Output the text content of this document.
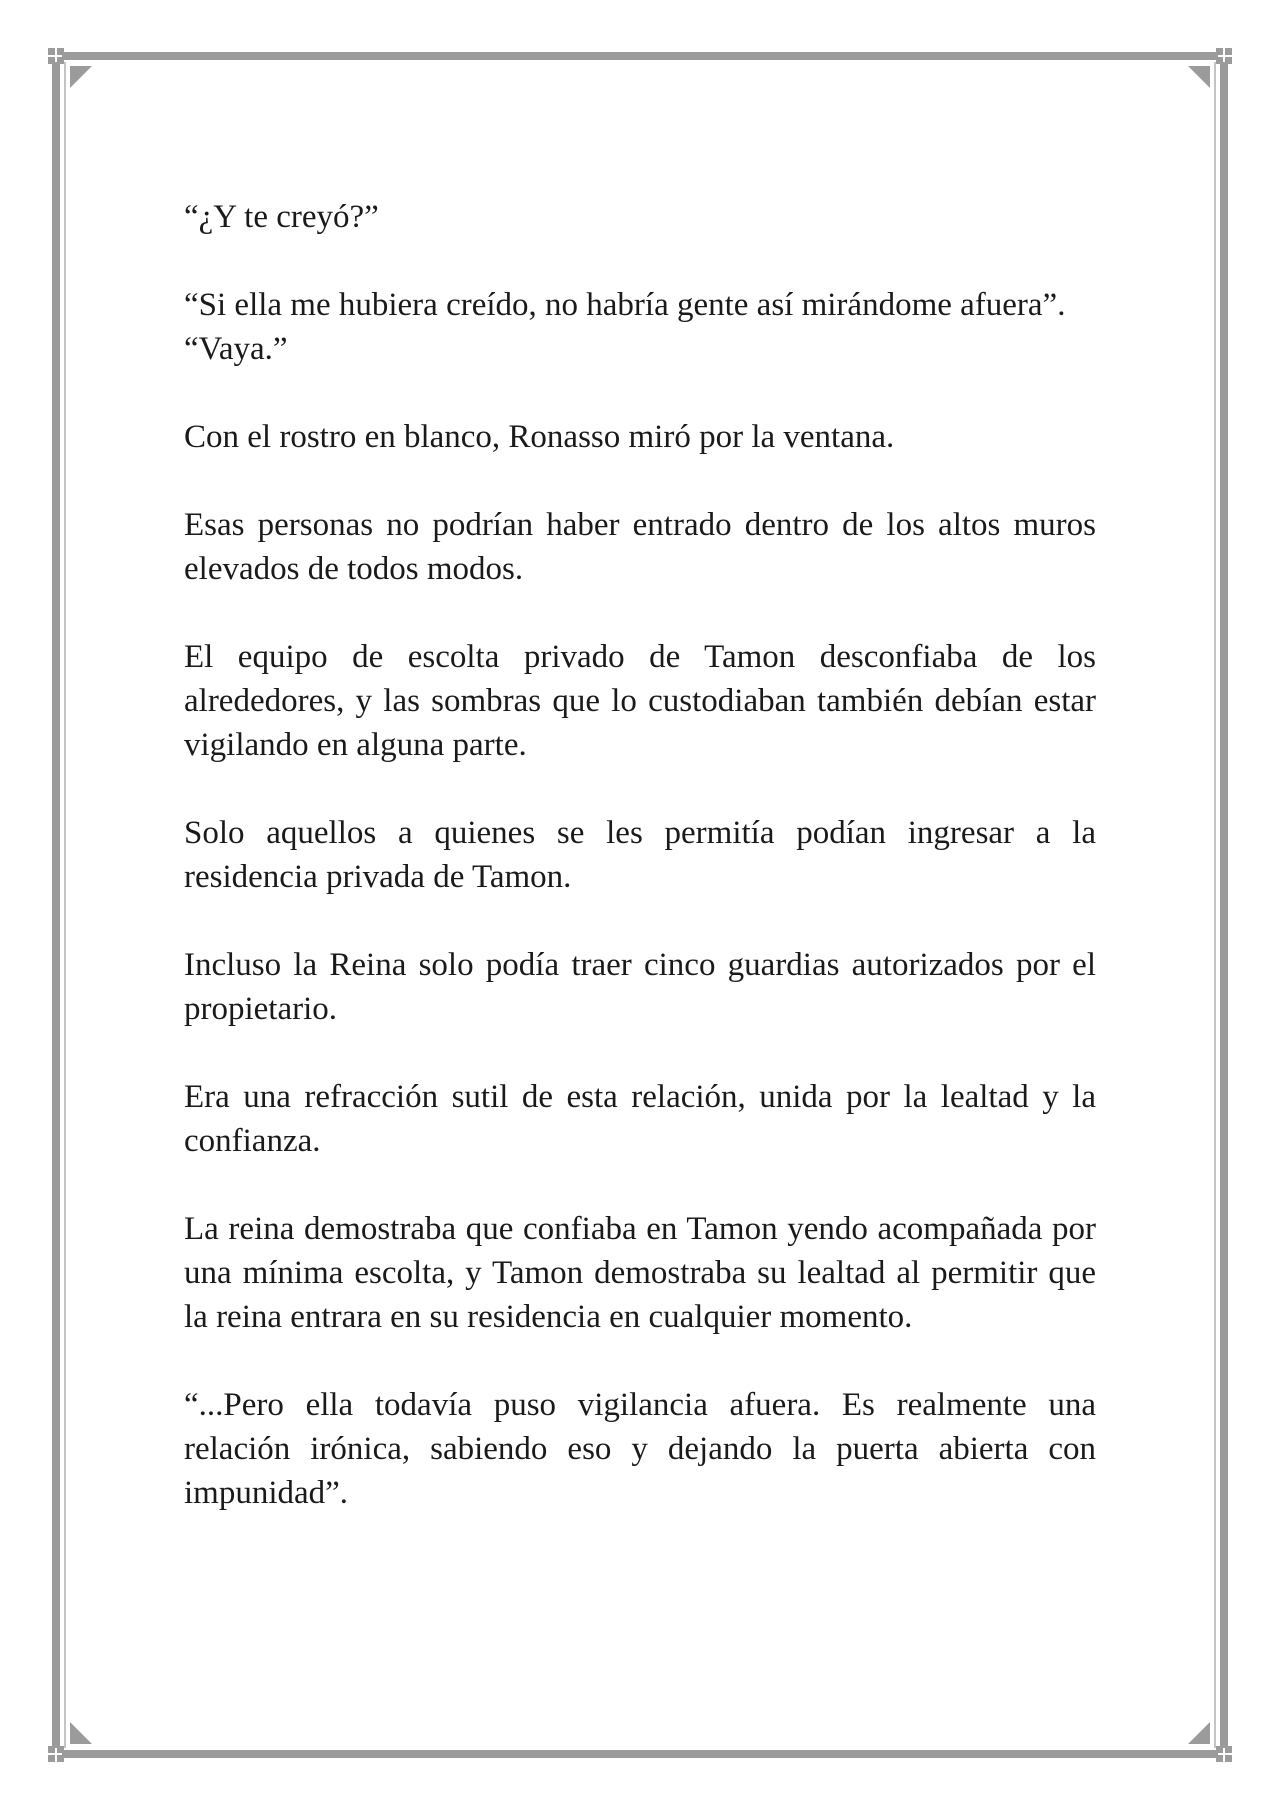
“¿Y te creyó?”

“Si ella me hubiera creído, no habría gente así mirándome afuera”.

“Vaya.”

Con el rostro en blanco, Ronasso miró por la ventana.

Esas personas no podrían haber entrado dentro de los altos muros elevados de todos modos.

El equipo de escolta privado de Tamon desconfiaba de los alrededores, y las sombras que lo custodiaban también debían estar vigilando en alguna parte.

Solo aquellos a quienes se les permitía podían ingresar a la residencia privada de Tamon.

Incluso la Reina solo podía traer cinco guardias autorizados por el propietario.

Era una refracción sutil de esta relación, unida por la lealtad y la confianza.

La reina demostraba que confiaba en Tamon yendo acompañada por una mínima escolta, y Tamon demostraba su lealtad al permitir que la reina entrara en su residencia en cualquier momento.

“...Pero ella todavía puso vigilancia afuera. Es realmente una relación irónica, sabiendo eso y dejando la puerta abierta con impunidad”.
